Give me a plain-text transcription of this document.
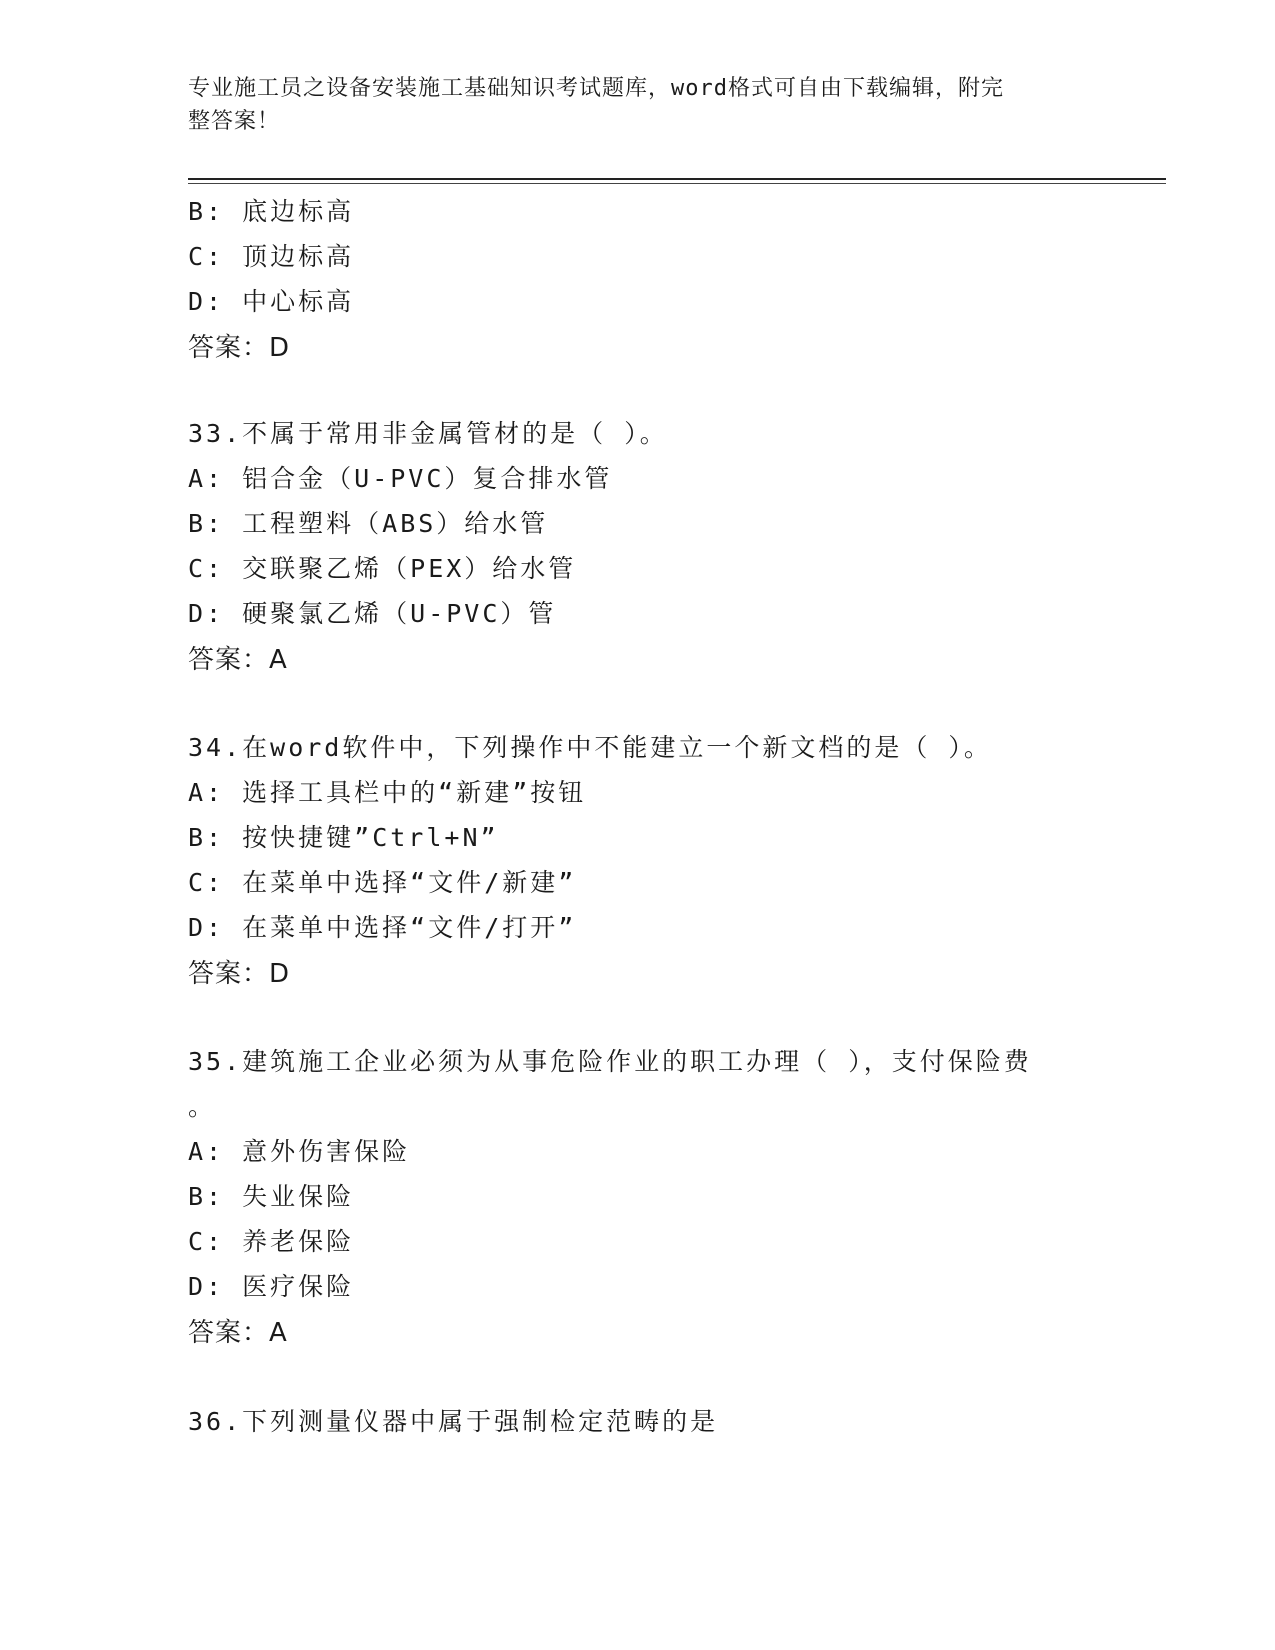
专业施工员之设备安装施工基础知识考试题库，word格式可自由下载编辑，附完
整答案！
B: 底边标高
C: 顶边标高
D: 中心标高
答案：D
33.不属于常用非金属管材的是（ ）。
A: 铝合金（U-PVC）复合排水管
B: 工程塑料（ABS）给水管
C: 交联聚乙烯（PEX）给水管
D: 硬聚氯乙烯（U-PVC）管
答案：A
34.在word软件中，下列操作中不能建立一个新文档的是（ ）。
A: 选择工具栏中的“新建”按钮
B: 按快捷键”Ctrl+N”
C: 在菜单中选择“文件/新建”
D: 在菜单中选择“文件/打开”
答案：D
35.建筑施工企业必须为从事危险作业的职工办理（ ），支付保险费
。
A: 意外伤害保险
B: 失业保险
C: 养老保险
D: 医疗保险
答案：A
36.下列测量仪器中属于强制检定范畴的是
